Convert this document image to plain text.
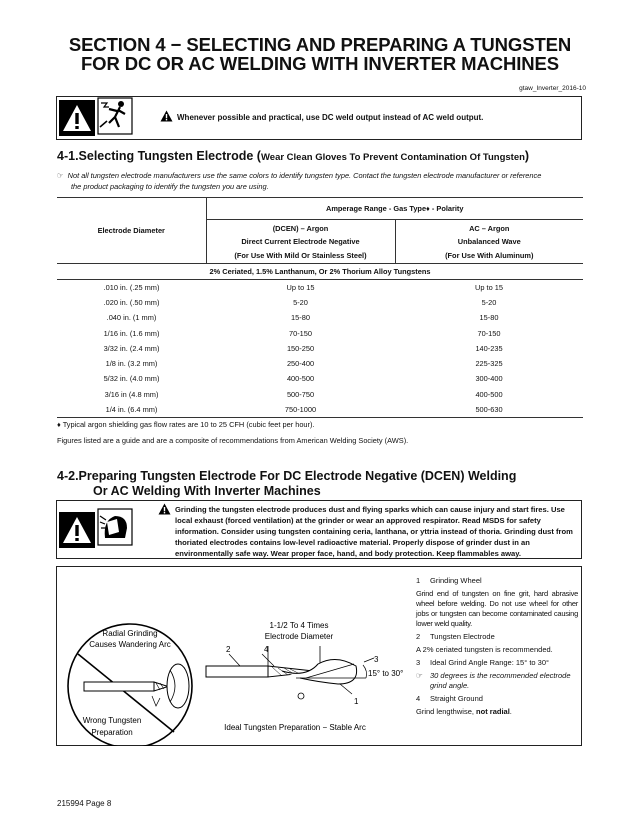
SECTION 4 − SELECTING AND PREPARING A TUNGSTEN
FOR DC OR AC WELDING WITH INVERTER MACHINES
gtaw_Inverter_2016-10
Whenever possible and practical, use DC weld output instead of AC weld output.
4-1.Selecting Tungsten Electrode (Wear Clean Gloves To Prevent Contamination Of Tungsten)
☞ Not all tungsten electrode manufacturers use the same colors to identify tungsten type. Contact the tungsten electrode manufacturer or reference
the product packaging to identify the tungsten you are using.
Electrode Diameter	Amperage Range - Gas Type♦ - Polarity	
	(DCEN) – Argon	AC – Argon
	Direct Current Electrode Negative	Unbalanced Wave
	(For Use With Mild Or Stainless Steel)	(For Use With Aluminum)
2% Ceriated, 1.5% Lanthanum, Or 2% Thorium Alloy Tungstens		
.010 in. (.25 mm)	Up to 15	Up to 15
.020 in. (.50 mm)	5-20	5-20
.040 in. (1 mm)	15-80	15-80
1/16 in. (1.6 mm)	70-150	70-150
3/32 in. (2.4 mm)	150-250	140-235
1/8 in. (3.2 mm)	250-400	225-325
5/32 in. (4.0 mm)	400-500	300-400
3/16 in (4.8 mm)	500-750	400-500
1/4 in. (6.4 mm)	750-1000	500-630
♦ Typical argon shielding gas flow rates are 10 to 25 CFH (cubic feet per hour).
Figures listed are a guide and are a composite of recommendations from American Welding Society (AWS).
4-2.Preparing Tungsten Electrode For DC Electrode Negative (DCEN) Welding
Or AC Welding With Inverter Machines
Grinding the tungsten electrode produces dust and flying sparks which can cause injury and start fires. Use local exhaust (forced ventilation) at the grinder or wear an approved respirator. Read MSDS for safety information. Consider using tungsten containing ceria, lanthana, or yttria instead of thoria. Grinding dust from thoriated electrodes contains low-level radioactive material. Properly dispose of grinder dust in an environmentally safe way. Wear proper face, hand, and body protection. Keep flammables away.
Radial Grinding
Causes Wandering Arc
Wrong Tungsten
Preparation
1-1/2 To 4 Times
Electrode Diameter
2	4
3
1
15° to 30°
Ideal Tungsten Preparation − Stable Arc
1 Grinding Wheel
Grind end of tungsten on fine grit, hard abrasive wheel before welding. Do not use wheel for other jobs or tungsten can become contaminated causing lower weld quality.
2 Tungsten Electrode
A 2% ceriated tungsten is recommended.
3 Ideal Grind Angle Range: 15° to 30°
☞ 30 degrees is the recommended electrode grind angle.
4 Straight Ground
Grind lengthwise, not radial.
215994 Page 8
